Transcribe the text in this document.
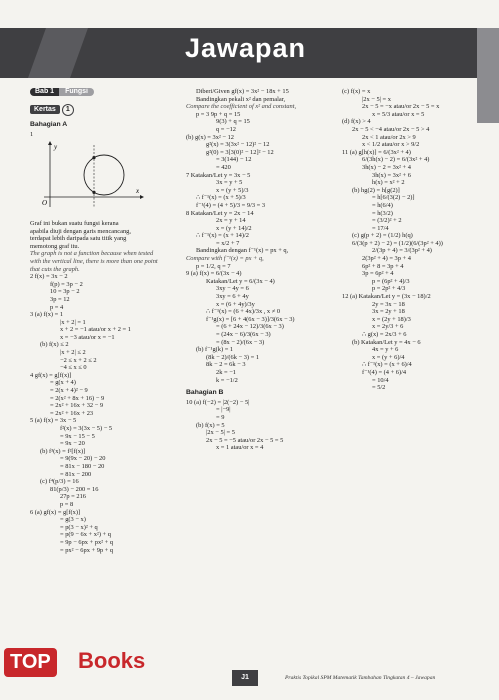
Jawapan
Bab 1 Fungsi
Kertas 1
Bahagian A
1
y
x
O
Graf ini bukan suatu fungsi kerana
apabila diuji dengan garis mencancang,
terdapat lebih daripada satu titik yang
memotong graf itu.
The graph is not a function because when tested
with the vertical line, there is more than one point
that cuts the graph.
2 f(x) = 3x − 2
f(p) = 3p − 2
10 = 3p − 2
3p = 12
p = 4
3 (a) f(x) = 1
|x + 2| = 1
x + 2 = −1 atau/or x + 2 = 1
x = −3 atau/or x = −1
(b) f(x) ≤ 2
|x + 2| ≤ 2
−2 ≤ x + 2 ≤ 2
−4 ≤ x ≤ 0
4 gf(x) = g[f(x)]
= g(x + 4)
= 2(x + 4)² − 9
= 2(x² + 8x + 16) − 9
= 2x² + 16x + 32 − 9
= 2x² + 16x + 23
5 (a) f(x) = 3x − 5
f²(x) = 3(3x − 5) − 5
= 9x − 15 − 5
= 9x − 20
(b) f³(x) = f²[f(x)]
= 9(9x − 20) − 20
= 81x − 180 − 20
= 81x − 200
(c) f⁴(p/3) = 16
81(p/3) − 200 = 16
27p = 216
p = 8
6 (a) gf(x) = g[f(x)]
= g(3 − x)
= p(3 − x)² + q
= p(9 − 6x + x²) + q
= 9p − 6px + px² + q
= px² − 6px + 9p + q
Diberi/Given gf(x) = 3x² − 18x + 15
Bandingkan pekali x² dan pemalar,
Compare the coefficient of x² and constant,
p = 3 9p + q = 15
9(3) + q = 15
q = −12
(b) g(x) = 3x² − 12
g²(x) = 3(3x² − 12)² − 12
g²(0) = 3[3(0)² − 12]² − 12
= 3(144) − 12
= 420
7 Katakan/Let y = 3x − 5
3x = y + 5
x = (y + 5)/3
∴ f⁻¹(x) = (x + 5)/3
f⁻¹(4) = (4 + 5)/3 = 9/3 = 3
8 Katakan/Let y = 2x − 14
2x = y + 14
x = (y + 14)/2
∴ f⁻¹(x) = (x + 14)/2
= x/2 + 7
Bandingkan dengan f⁻¹(x) = px + q,
Compare with f⁻¹(x) = px + q,
p = 1/2, q = 7
9 (a) f(x) = 6/(3x − 4)
Katakan/Let y = 6/(3x − 4)
3xy − 4y = 6
3xy = 6 + 4y
x = (6 + 4y)/3y
∴ f⁻¹(x) = (6 + 4x)/3x , x ≠ 0
f⁻¹g(x) = [6 + 4(6x − 3)]/3(6x − 3)
= (6 + 24x − 12)/3(6x − 3)
= (24x − 6)/3(6x − 3)
= (8x − 2)/(6x − 3)
(b) f⁻¹g(k) = 1
(8k − 2)/(6k − 3) = 1
8k − 2 = 6k − 3
2k = −1
k = −1/2
Bahagian B
10 (a) f(−2) = |2(−2) − 5|
= |−9|
= 9
(b) f(x) = 5
|2x − 5| = 5
2x − 5 = −5 atau/or 2x − 5 = 5
x = 1 atau/or x = 4
(c) f(x) = x
|2x − 5| = x
2x − 5 = −x atau/or 2x − 5 = x
x = 5/3 atau/or x = 5
(d) f(x) > 4
2x − 5 < −4 atau/or 2x − 5 > 4
2x < 1 atau/or 2x > 9
x < 1/2 atau/or x > 9/2
11 (a) g[h(x)] = 6/(3x² + 4)
6/(3h(x) − 2) = 6/(3x² + 4)
3h(x) − 2 = 3x² + 4
3h(x) = 3x² + 6
h(x) = x² + 2
(b) hg(2) = h[g(2)]
= h[6/(3(2) − 2)]
= h(6/4)
= h(3/2)
= (3/2)² + 2
= 17/4
(c) g(p + 2) = (1/2) h(q)
6/(3(p + 2) − 2) = (1/2)(6/(3p² + 4))
2/(3p + 4) = 3/(3p² + 4)
2(3p² + 4) = 3p + 4
6p² + 8 = 3p + 4
3p = 6p² + 4
p = (6p² + 4)/3
p = 2p² + 4/3
12 (a) Katakan/Let y = (3x − 18)/2
2y = 3x − 18
3x = 2y + 18
x = (2y + 18)/3
x = 2y/3 + 6
∴ g(x) = 2x/3 + 6
(b) Katakan/Let y = 4x − 6
4x = y + 6
x = (y + 6)/4
∴ f⁻¹(x) = (x + 6)/4
f⁻¹(4) = (4 + 6)/4
= 10/4
= 5/2
J1	Praktis Topikal SPM Matematik Tambahan Tingkatan 4 – Jawapan
TOP Books
